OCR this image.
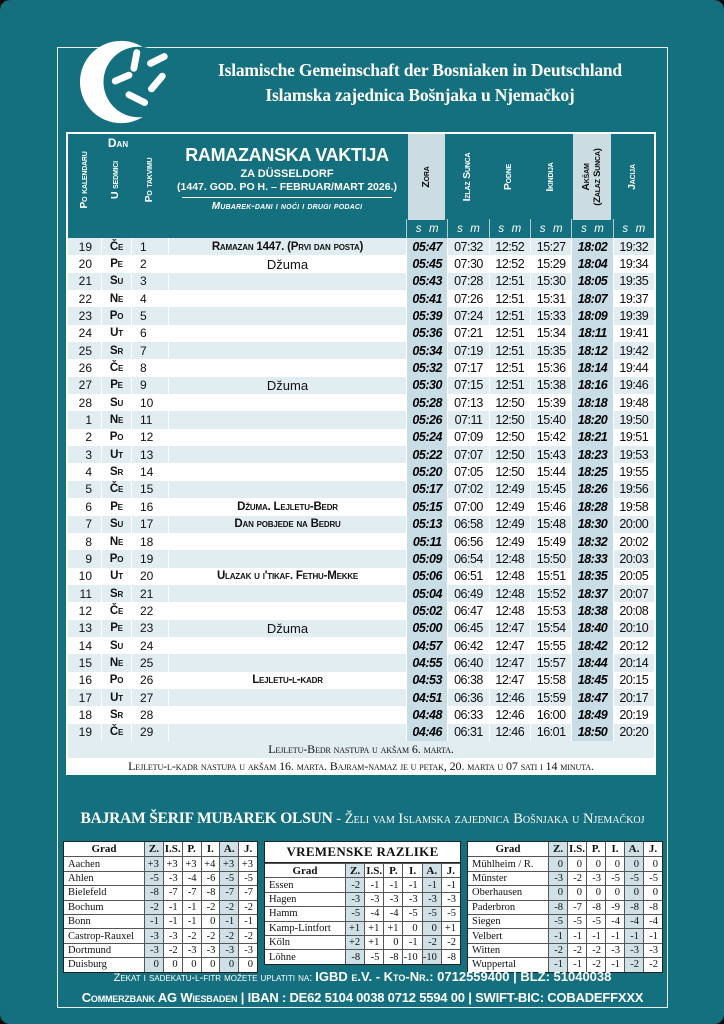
Islamische Gemeinschaft der Bosniaken in Deutschland
Islamska zajednica Bošnjaka u Njemačkoj
Dan
Po kalendaru U sedmici Po takvimu
RAMAZANSKA VAKTIJA
ZA DÜSSELDORF
(1447. GOD. PO H. – FEBRUAR/MART 2026.)
Mubarek-dani i noći i drugi podaci
Zora	Izlaz Sunca	Podne	Ikindija Akšam (Zalaz Sunca) Jacija
s m s m s m s m s m s m
19	Če	1	Ramazan 1447. (Prvi dan posta)	05:47 07:32	12:52	15:27 18:02 19:32
20	Pe	2	Džuma	05:45 07:30	12:52	15:29 18:04 19:34
21	Su	3	05:43 07:28	12:51	15:30 18:05 19:35
22	Ne	4	05:41 07:26	12:51	15:31 18:07 19:37
23	Po	5	05:39 07:24	12:51	15:33 18:09 19:39
24	Ut	6	05:36 07:21	12:51	15:34	18:11	19:41
25	Sr	7	05:34 07:19	12:51	15:35 18:12 19:42
26	Če	8	05:32 07:17	12:51	15:36 18:14 19:44
27	Pe	9	Džuma	05:30 07:15	12:51	15:38 18:16 19:46
28	Su	10	05:28 07:13	12:50	15:39 18:18 19:48
1	Ne	11	05:26	07:11	12:50	15:40 18:20 19:50
2	Po	12	05:24 07:09	12:50	15:42 18:21 19:51
3	Ut	13	05:22 07:07	12:50	15:43 18:23 19:53
4	Sr	14	05:20 07:05	12:50	15:44 18:25 19:55
5	Če	15	05:17 07:02	12:49	15:45 18:26 19:56
6	Pe	16	Džuma. Lejletu-Bedr	05:15 07:00	12:49	15:46 18:28 19:58
7	Su	17	Dan pobjede na Bedru	05:13 06:58	12:49	15:48 18:30 20:00
8	Ne	18	05:11	06:56	12:49	15:49 18:32 20:02
9	Po	19	05:09 06:54	12:48	15:50 18:33 20:03
10	Ut	20	Ulazak u i'tikaf. Fethu-Mekke	05:06 06:51	12:48	15:51 18:35 20:05
11	Sr	21	05:04 06:49	12:48	15:52 18:37 20:07
12	Če	22	05:02 06:47	12:48	15:53 18:38 20:08
13	Pe	23	Džuma	05:00 06:45	12:47	15:54 18:40 20:10
14	Su	24	04:57 06:42	12:47	15:55 18:42 20:12
15	Ne	25	04:55 06:40	12:47	15:57 18:44 20:14
16	Po	26	Lejletu-l-kadr	04:53 06:38	12:47	15:58 18:45 20:15
17	Ut	27	04:51 06:36	12:46	15:59 18:47 20:17
18	Sr	28	04:48 06:33	12:46	16:00 18:49 20:19
19	Če	29	04:46 06:31	12:46	16:01 18:50 20:20
Lejletu-Bedr nastupa u akšam 6. marta.
Lejletu-l-kadr nastupa u akšam 16. marta. Bajram-namaz je u petak, 20. marta u 07 sati i 14 minuta.
BAJRAM ŠERIF MUBAREK OLSUN - Želi vam Islamska zajednica Bošnjaka u Njemačkoj
Grad	Z. I.S. P.	I. A. J.
Aachen	+3 +3 +3 +4 +3 +3
Ahlen	-5 -3 -4 -6 -5 -5
Bielefeld	-8 -7 -7 -8 -7 -7
Bochum	-2 -1 -1 -2 -2 -2
Bonn	-1 -1 -1	0 -1 -1
Castrop-Rauxel	-3 -3 -2 -2 -2 -2
Dortmund	-3 -2 -3 -3 -3 -3
Duisburg	0	0	0	0	0	0
VREMENSKE RAZLIKE
Grad	Z. I.S. P.	I. A. J.
Essen	-2 -1 -1 -1 -1 -1
Hagen	-3 -3 -3 -3 -3 -3
Hamm	-5 -4 -4 -5 -5 -5
Kamp-Lintfort	+1 +1 +1	0	0 +1
Köln	+2 +1	0 -1 -2 -2
Löhne	-8 -5 -8 -10 -10 -8
Grad	Z. I.S. P.	I. A. J.
Mühlheim / R.	0	0	0	0	0	0
Münster	-3 -2 -3 -5 -5 -5
Oberhausen	0	0	0	0	0	0
Paderbron	-8 -7 -8 -9 -8 -8
Siegen	-5 -5 -5 -4 -4 -4
Velbert	-1 -1 -1 -1 -1 -1
Witten	-2 -2 -2 -3 -3 -3
Wuppertal	-1 -1 -2 -1 -2 -2
Zekat i sadekatu-l-fitr možete uplatiti na: IGBD e.V. - Kto-Nr.: 0712559400 | BLZ: 51040038
Commerzbank AG Wiesbaden | IBAN : DE62 5104 0038 0712 5594 00 | SWIFT-BIC: COBADEFFXXX
